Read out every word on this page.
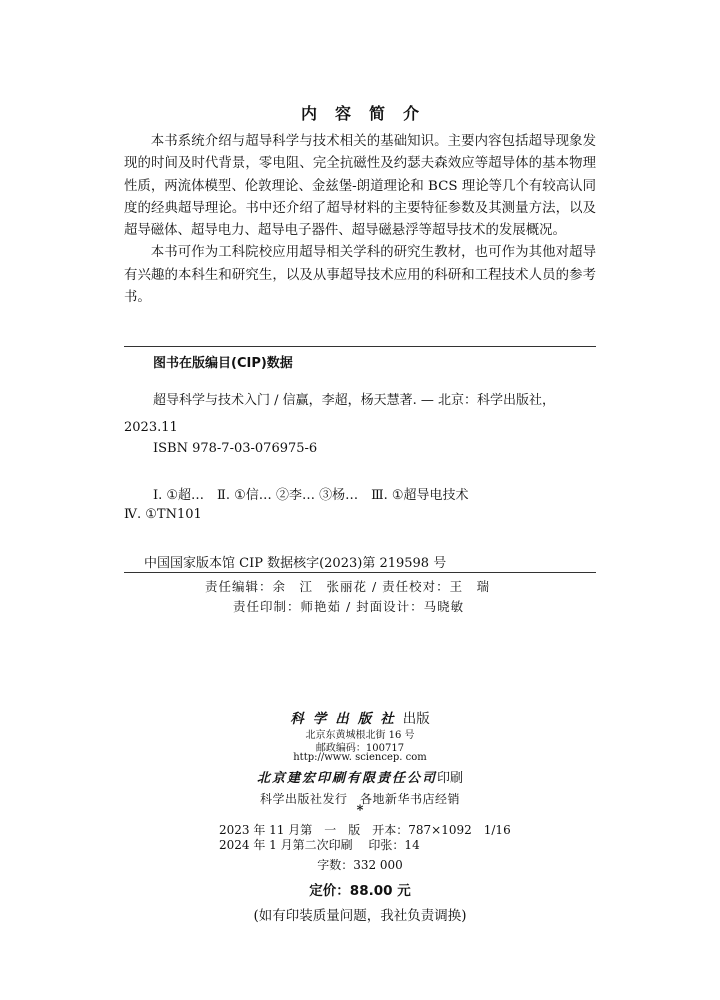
内容简介

本书系统介绍与超导科学与技术相关的基础知识。主要内容包括超导现象发现的时间及时代背景，零电阻、完全抗磁性及约瑟夫森效应等超导体的基本物理性质，两流体模型、伦敦理论、金兹堡-朗道理论和 BCS 理论等几个有较高认同度的经典超导理论。书中还介绍了超导材料的主要特征参数及其测量方法，以及超导磁体、超导电力、超导电子器件、超导磁悬浮等超导技术的发展概况。

本书可作为工科院校应用超导相关学科的研究生教材，也可作为其他对超导有兴趣的本科生和研究生，以及从事超导技术应用的科研和工程技术人员的参考书。

图书在版编目(CIP)数据
超导科学与技术入门 / 信赢，李超，杨天慧著. — 北京：科学出版社，2023.11
ISBN 978-7-03-076975-6
Ⅰ. ①超…　Ⅱ. ①信… ②李… ③杨…　Ⅲ. ①超导电技术
Ⅳ. ①TN101
中国国家版本馆 CIP 数据核字(2023)第 219598 号
责任编辑：余　江　张丽花 / 责任校对：王　瑞
责任印制：师艳茹 / 封面设计：马晓敏
科学出版社出版
北京东黄城根北街 16 号
邮政编码：100717
http://www. sciencep. com
北京建宏印刷有限责任公司印刷
科学出版社发行　各地新华书店经销
*
2023 年 11 月第　一　版　开本：787×1092　1/16
2024 年 1 月第二次印刷　 印张：14
字数：332 000
定价：88.00 元
(如有印装质量问题，我社负责调换)
